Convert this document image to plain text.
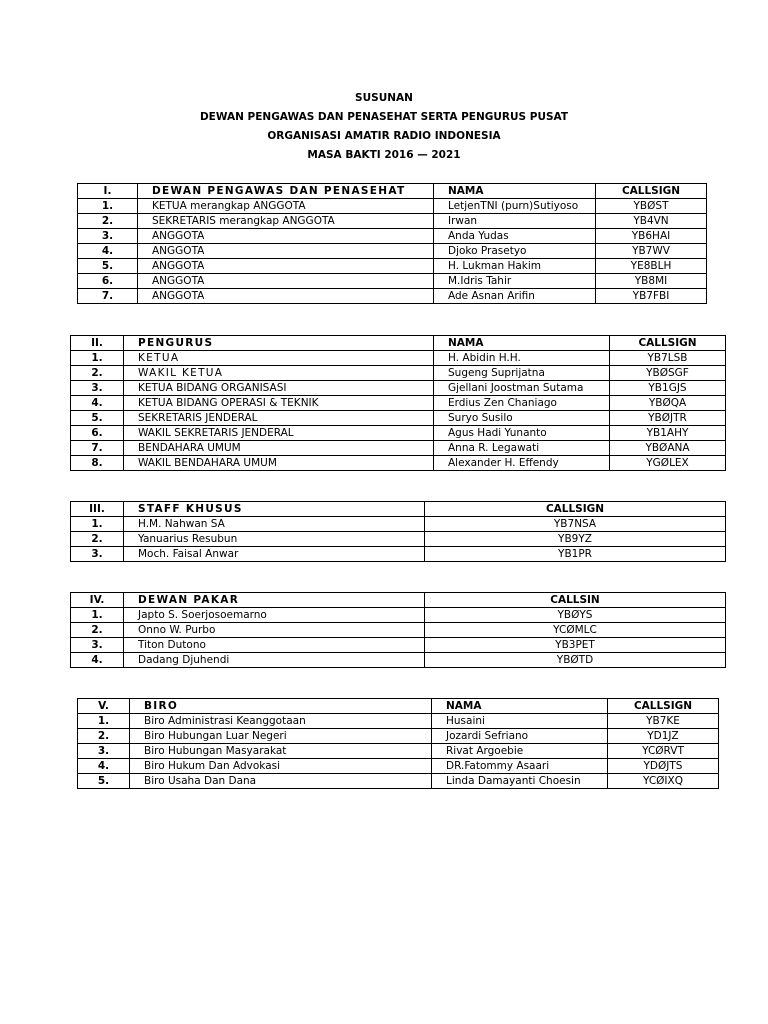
SUSUNAN
DEWAN PENGAWAS DAN PENASEHAT SERTA PENGURUS PUSAT
ORGANISASI AMATIR RADIO INDONESIA
MASA BAKTI 2016 — 2021
I.	DEWAN PENGAWAS DAN PENASEHAT	NAMA	CALLSIGN
1.	KETUA merangkap ANGGOTA	LetjenTNI (purn)Sutiyoso	YBØST
2.	SEKRETARIS merangkap ANGGOTA	Irwan	YB4VN
3.	ANGGOTA	Anda Yudas	YB6HAI
4.	ANGGOTA	Djoko Prasetyo	YB7WV
5.	ANGGOTA	H. Lukman Hakim	YE8BLH
6.	ANGGOTA	M.Idris Tahir	YB8MI
7.	ANGGOTA	Ade Asnan Arifin	YB7FBI
II.	PENGURUS	NAMA	CALLSIGN
1.	KETUA	H. Abidin H.H.	YB7LSB
2.	WAKIL KETUA	Sugeng Suprijatna	YBØSGF
3.	KETUA BIDANG ORGANISASI	Gjellani Joostman Sutama	YB1GJS
4.	KETUA BIDANG OPERASI & TEKNIK	Erdius Zen Chaniago	YBØQA
5.	SEKRETARIS JENDERAL	Suryo Susilo	YBØJTR
6.	WAKIL SEKRETARIS JENDERAL	Agus Hadi Yunanto	YB1AHY
7.	BENDAHARA UMUM	Anna R. Legawati	YBØANA
8.	WAKIL BENDAHARA UMUM	Alexander H. Effendy	YGØLEX
III.	STAFF KHUSUS	CALLSIGN
1.	H.M. Nahwan SA	YB7NSA
2.	Yanuarius Resubun	YB9YZ
3.	Moch. Faisal Anwar	YB1PR
IV.	DEWAN PAKAR	CALLSIN
1.	Japto S. Soerjosoemarno	YBØYS
2.	Onno W. Purbo	YCØMLC
3.	Titon Dutono	YB3PET
4.	Dadang Djuhendi	YBØTD
V.	BIRO	NAMA	CALLSIGN
1.	Biro Administrasi Keanggotaan	Husaini	YB7KE
2.	Biro Hubungan Luar Negeri	Jozardi Sefriano	YD1JZ
3.	Biro Hubungan Masyarakat	Rivat Argoebie	YCØRVT
4.	Biro Hukum Dan Advokasi	DR.Fatommy Asaari	YDØJTS
5.	Biro Usaha Dan Dana	Linda Damayanti Choesin	YCØIXQ
